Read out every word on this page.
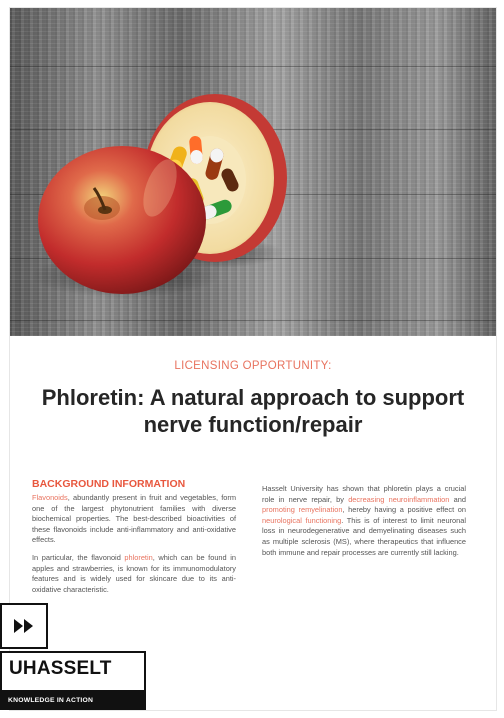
LICENSING OPPORTUNITY:
Phloretin: A natural approach to support nerve function/repair
BACKGROUND INFORMATION

Flavonoids, abundantly present in fruit and vegetables, form one of the largest phytonutrient families with diverse biochemical properties. The best-described bioactivities of these flavonoids include anti-inflammatory and anti-oxidative effects.

In particular, the flavonoid phloretin, which can be found in apples and strawberries, is known for its immunomodulatory features and is widely used for skincare due to its anti-oxidative characteristic.

Hasselt University has shown that phloretin plays a crucial role in nerve repair, by decreasing neuroinflammation and promoting remyelination, hereby having a positive effect on neurological functioning. This is of interest to limit neuronal loss in neurodegenerative and demyelinating diseases such as multiple sclerosis (MS), where therapeutics that influence both immune and repair processes are currently still lacking.

UHASSELT
KNOWLEDGE IN ACTION
